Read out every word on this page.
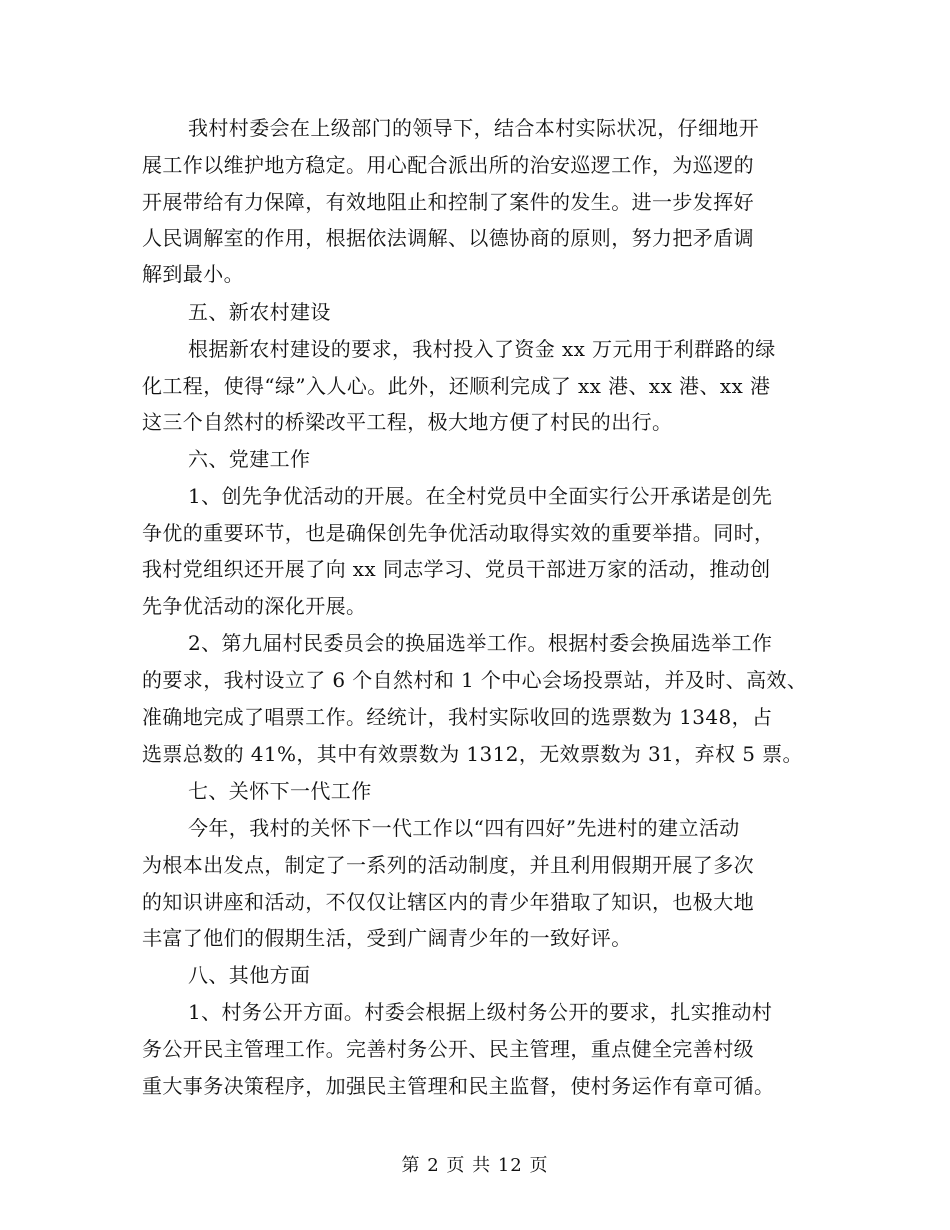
我村村委会在上级部门的领导下，结合本村实际状况，仔细地开
展工作以维护地方稳定。用心配合派出所的治安巡逻工作，为巡逻的
开展带给有力保障，有效地阻止和控制了案件的发生。进一步发挥好
人民调解室的作用，根据依法调解、以德协商的原则，努力把矛盾调
解到最小。
五、新农村建设
根据新农村建设的要求，我村投入了资金 xx 万元用于利群路的绿
化工程，使得“绿”入人心。此外，还顺利完成了 xx 港、xx 港、xx 港
这三个自然村的桥梁改平工程，极大地方便了村民的出行。
六、党建工作
1、创先争优活动的开展。在全村党员中全面实行公开承诺是创先
争优的重要环节，也是确保创先争优活动取得实效的重要举措。同时，
我村党组织还开展了向 xx 同志学习、党员干部进万家的活动，推动创
先争优活动的深化开展。
2、第九届村民委员会的换届选举工作。根据村委会换届选举工作
的要求，我村设立了 6 个自然村和 1 个中心会场投票站，并及时、高效、
准确地完成了唱票工作。经统计，我村实际收回的选票数为 1348，占
选票总数的 41%，其中有效票数为 1312，无效票数为 31，弃权 5 票。
七、关怀下一代工作
今年，我村的关怀下一代工作以“四有四好”先进村的建立活动
为根本出发点，制定了一系列的活动制度，并且利用假期开展了多次
的知识讲座和活动，不仅仅让辖区内的青少年猎取了知识，也极大地
丰富了他们的假期生活，受到广阔青少年的一致好评。
八、其他方面
1、村务公开方面。村委会根据上级村务公开的要求，扎实推动村
务公开民主管理工作。完善村务公开、民主管理，重点健全完善村级
重大事务决策程序，加强民主管理和民主监督，使村务运作有章可循。
第 2 页 共 12 页
